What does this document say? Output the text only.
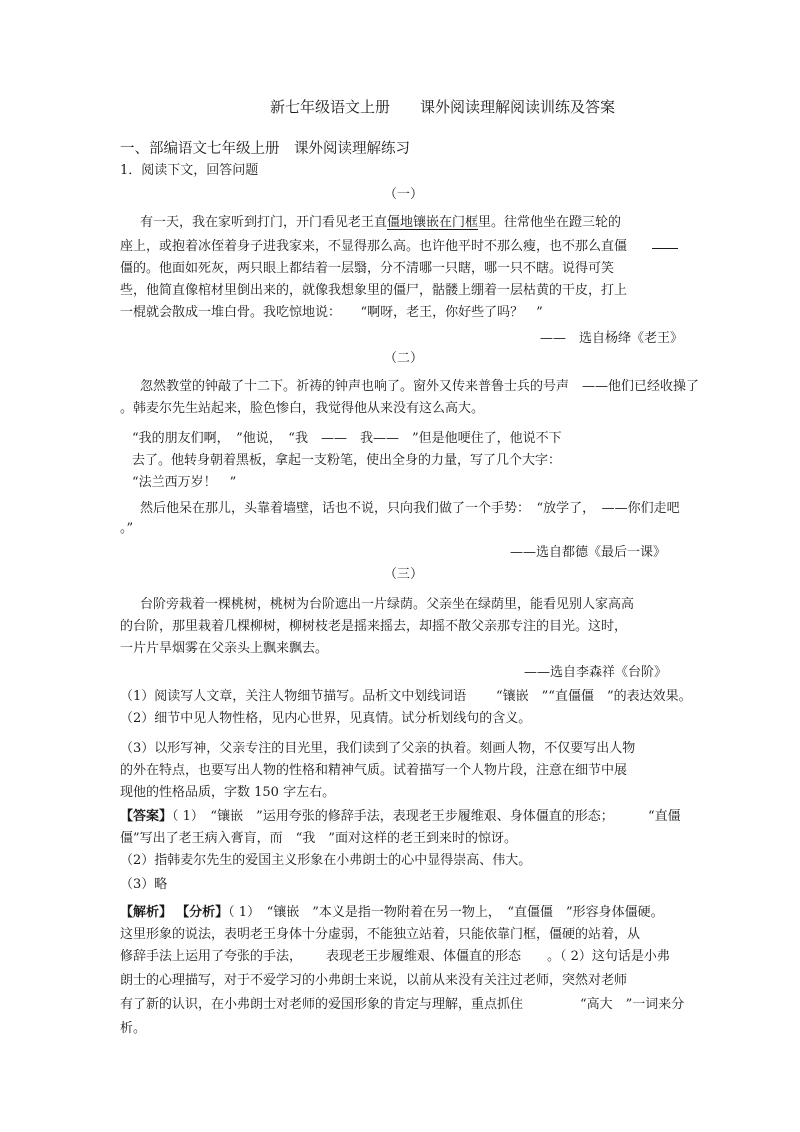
新七年级语文上册　　课外阅读理解阅读训练及答案
一、部编语文七年级上册　课外阅读理解练习
1．阅读下文，回答问题
（一）
有一天，我在家听到打门，开门看见老王直僵地镶嵌在门框里。往常他坐在蹬三轮的
座上，或抱着冰侄着身子进我家来，不显得那么高。也许他平时不那么瘦，也不那么直僵
僵的。他面如死灰，两只眼上都结着一层翳，分不清哪一只瞎，哪一只不瞎。说得可笑
些，他简直像棺材里倒出来的，就像我想象里的僵尸，骷髅上绷着一层枯黄的干皮，打上
一棍就会散成一堆白骨。我吃惊地说：　　“啊呀，老王，你好些了吗？　”
——　选自杨绛《老王》
（二）
忽然教堂的钟敲了十二下。祈祷的钟声也响了。窗外又传来普鲁士兵的号声　——他们已经收操了
。韩麦尔先生站起来，脸色惨白，我觉得他从来没有这么高大。
“我的朋友们啊，　”他说，　“我　——　我——　”但是他哽住了，他说不下
去了。他转身朝着黑板，拿起一支粉笔，使出全身的力量，写了几个大字：
“法兰西万岁！　”
然后他呆在那儿，头靠着墙壁，话也不说，只向我们做了一个手势：　“放学了，　——你们走吧
。”
——选自都德《最后一课》
（三）
台阶旁栽着一棵桃树，桃树为台阶遮出一片绿荫。父亲坐在绿荫里，能看见别人家高高
的台阶，那里栽着几棵柳树，柳树枝老是摇来摇去，却摇不散父亲那专注的目光。这时，
一片片旱烟雾在父亲头上飘来飘去。
——选自李森祥《台阶》
（1）阅读写人文章，关注人物细节描写。品析文中划线词语 “镶嵌　”“直僵僵　”的表达效果。
（2）细节中见人物性格，见内心世界，见真情。试分析划线句的含义。
（3）以形写神，父亲专注的目光里，我们读到了父亲的执着。刻画人物，不仅要写出人物
的外在特点，也要写出人物的性格和精神气质。试着描写一个人物片段，注意在细节中展
现他的性格品质，字数 150 字左右。
【答案】（ 1）　“镶嵌　”运用夸张的修辞手法，表现老王步履维艰、身体僵直的形态；	“直僵
僵”写出了老王病入膏肓，而　“我　”面对这样的老王到来时的惊讶。
（2）指韩麦尔先生的爱国主义形象在小弗朗士的心中显得崇高、伟大。
（3）略
【解析】 【分析】（ 1）　“镶嵌　”本义是指一物附着在另一物上，　“直僵僵　”形容身体僵硬。
这里形象的说法，表明老王身体十分虚弱，不能独立站着，只能依靠门框，僵硬的站着，从
修辞手法上运用了夸张的手法， 表现老王步履维艰、体僵直的形态　　。（ 2）这句话是小弗
朗士的心理描写，对于不爱学习的小弗朗士来说，以前从来没有关注过老师，突然对老师
有了新的认识，在小弗朗士对老师的爱国形象的肯定与理解，重点抓住	“高大　”一词来分
析。
